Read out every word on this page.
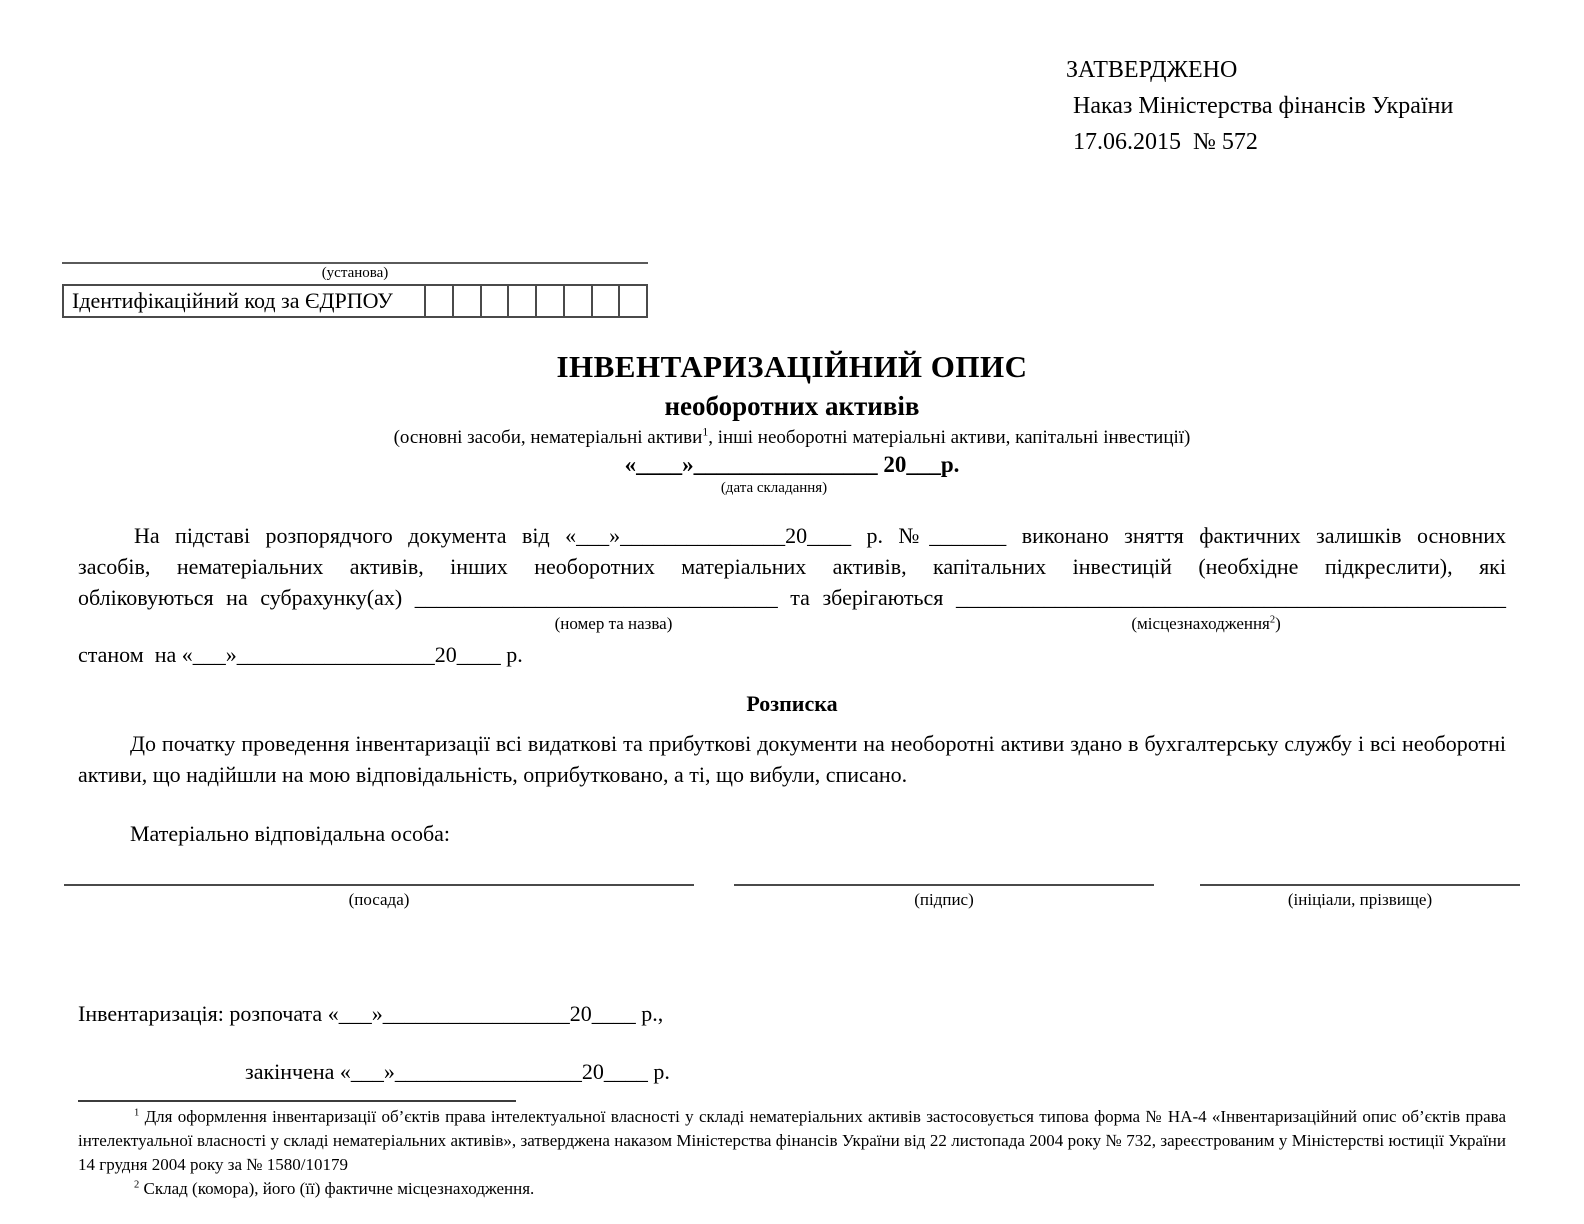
ЗАТВЕРДЖЕНО
Наказ Міністерства фінансів України
17.06.2015  № 572
(установа)
Ідентифікаційний код за ЄДРПОУ
ІНВЕНТАРИЗАЦІЙНИЙ ОПИС
необоротних активів
(основні засоби, нематеріальні активи$^1$, інші необоротні матеріальні активи, капітальні інвестиції)
«____»________________ 20___р.
(дата складання)
На підставі розпорядчого документа від «___»_______________20____ р. №_______ виконано зняття фактичних залишків основних
засобів, нематеріальних активів, інших необоротних матеріальних активів, капітальних інвестицій (необхідне підкреслити), які
обліковуються на субрахунку(ах) _________________________________ та зберігаються __________________________________________________
(номер та назва)	(місцезнаходження$^2$)
станом  на «___»__________________20____ р.
Розписка
До початку проведення інвентаризації всі видаткові та прибуткові документи на необоротні активи здано в бухгалтерську службу і всі необоротні активи, що надійшли на мою відповідальність, оприбутковано, а ті, що вибули, списано.
Матеріально відповідальна особа:
(посада)	(підпис)	(ініціали, прізвище)
Інвентаризація: розпочата «___»_________________20____ р.,
закінчена «___»_________________20____ р.
$^1$ Для оформлення інвентаризації об’єктів права інтелектуальної власності у складі нематеріальних активів застосовується типова форма № НА-4 «Інвентаризаційний опис об’єктів права інтелектуальної власності у складі нематеріальних активів», затверджена наказом Міністерства фінансів України від 22 листопада 2004 року № 732, зареєстрованим у Міністерстві юстиції України 14 грудня 2004 року за № 1580/10179
$^2$ Склад (комора), його (її) фактичне місцезнаходження.
